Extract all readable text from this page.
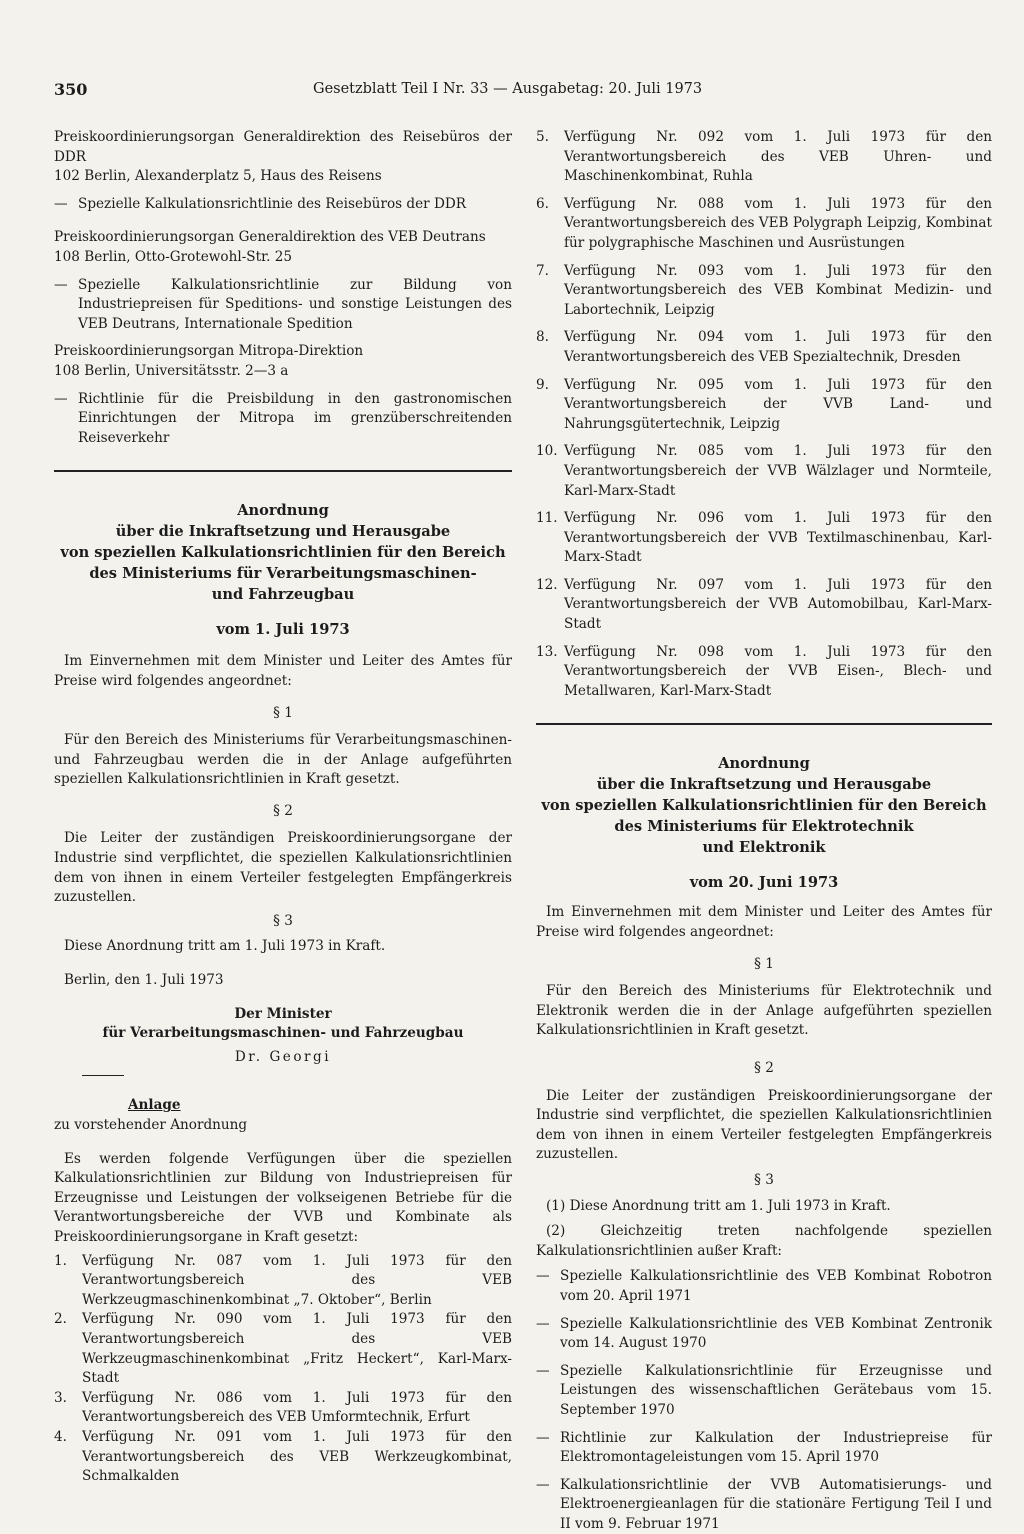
350	Gesetzblatt Teil I Nr. 33 — Ausgabetag: 20. Juli 1973
Preiskoordinierungsorgan Generaldirektion des Reisebüros der DDR
102 Berlin, Alexanderplatz 5, Haus des Reisens
— Spezielle Kalkulationsrichtlinie des Reisebüros der DDR
Preiskoordinierungsorgan Generaldirektion des VEB Deutrans
108 Berlin, Otto-Grotewohl-Str. 25
— Spezielle Kalkulationsrichtlinie zur Bildung von Industriepreisen für Speditions- und sonstige Leistungen des VEB Deutrans, Internationale Spedition
Preiskoordinierungsorgan Mitropa-Direktion
108 Berlin, Universitätsstr. 2—3 a
— Richtlinie für die Preisbildung in den gastronomischen Einrichtungen der Mitropa im grenzüberschreitenden Reiseverkehr
Anordnung
über die Inkraftsetzung und Herausgabe
von speziellen Kalkulationsrichtlinien für den Bereich
des Ministeriums für Verarbeitungsmaschinen-
und Fahrzeugbau
vom 1. Juli 1973
Im Einvernehmen mit dem Minister und Leiter des Amtes für Preise wird folgendes angeordnet:
§ 1
Für den Bereich des Ministeriums für Verarbeitungsmaschinen- und Fahrzeugbau werden die in der Anlage aufgeführten speziellen Kalkulationsrichtlinien in Kraft gesetzt.
§ 2
Die Leiter der zuständigen Preiskoordinierungsorgane der Industrie sind verpflichtet, die speziellen Kalkulationsrichtlinien dem von ihnen in einem Verteiler festgelegten Empfängerkreis zuzustellen.
§ 3
Diese Anordnung tritt am 1. Juli 1973 in Kraft.
Berlin, den 1. Juli 1973
Der Minister
für Verarbeitungsmaschinen- und Fahrzeugbau
Dr. Georgi
Anlage
zu vorstehender Anordnung
Es werden folgende Verfügungen über die speziellen Kalkulationsrichtlinien zur Bildung von Industriepreisen für Erzeugnisse und Leistungen der volkseigenen Betriebe für die Verantwortungsbereiche der VVB und Kombinate als Preiskoordinierungsorgane in Kraft gesetzt:
1.	Verfügung Nr. 087 vom 1. Juli 1973 für den Verantwortungsbereich des VEB Werkzeugmaschinenkombinat „7. Oktober“, Berlin
2.	Verfügung Nr. 090 vom 1. Juli 1973 für den Verantwortungsbereich des VEB Werkzeugmaschinenkombinat „Fritz Heckert“, Karl-Marx-Stadt
3.	Verfügung Nr. 086 vom 1. Juli 1973 für den Verantwortungsbereich des VEB Umformtechnik, Erfurt
4.	Verfügung Nr. 091 vom 1. Juli 1973 für den Verantwortungsbereich des VEB Werkzeugkombinat, Schmalkalden
5.	Verfügung Nr. 092 vom 1. Juli 1973 für den Verantwortungsbereich des VEB Uhren- und Maschinenkombinat, Ruhla
6.	Verfügung Nr. 088 vom 1. Juli 1973 für den Verantwortungsbereich des VEB Polygraph Leipzig, Kombinat für polygraphische Maschinen und Ausrüstungen
7.	Verfügung Nr. 093 vom 1. Juli 1973 für den Verantwortungsbereich des VEB Kombinat Medizin- und Labortechnik, Leipzig
8.	Verfügung Nr. 094 vom 1. Juli 1973 für den Verantwortungsbereich des VEB Spezialtechnik, Dresden
9.	Verfügung Nr. 095 vom 1. Juli 1973 für den Verantwortungsbereich der VVB Land- und Nahrungsgütertechnik, Leipzig
10. Verfügung Nr. 085 vom 1. Juli 1973 für den Verantwortungsbereich der VVB Wälzlager und Normteile, Karl-Marx-Stadt
11. Verfügung Nr. 096 vom 1. Juli 1973 für den Verantwortungsbereich der VVB Textilmaschinenbau, Karl-Marx-Stadt
12. Verfügung Nr. 097 vom 1. Juli 1973 für den Verantwortungsbereich der VVB Automobilbau, Karl-Marx-Stadt
13. Verfügung Nr. 098 vom 1. Juli 1973 für den Verantwortungsbereich der VVB Eisen-, Blech- und Metallwaren, Karl-Marx-Stadt
Anordnung
über die Inkraftsetzung und Herausgabe
von speziellen Kalkulationsrichtlinien für den Bereich
des Ministeriums für Elektrotechnik
und Elektronik
vom 20. Juni 1973
Im Einvernehmen mit dem Minister und Leiter des Amtes für Preise wird folgendes angeordnet:
§ 1
Für den Bereich des Ministeriums für Elektrotechnik und Elektronik werden die in der Anlage aufgeführten speziellen Kalkulationsrichtlinien in Kraft gesetzt.
§ 2
Die Leiter der zuständigen Preiskoordinierungsorgane der Industrie sind verpflichtet, die speziellen Kalkulationsrichtlinien dem von ihnen in einem Verteiler festgelegten Empfängerkreis zuzustellen.
§ 3
(1) Diese Anordnung tritt am 1. Juli 1973 in Kraft.
(2) Gleichzeitig treten nachfolgende speziellen Kalkulationsrichtlinien außer Kraft:
— Spezielle Kalkulationsrichtlinie des VEB Kombinat Robotron vom 20. April 1971
— Spezielle Kalkulationsrichtlinie des VEB Kombinat Zentronik vom 14. August 1970
— Spezielle Kalkulationsrichtlinie für Erzeugnisse und Leistungen des wissenschaftlichen Gerätebaus vom 15. September 1970
— Richtlinie zur Kalkulation der Industriepreise für Elektromontageleistungen vom 15. April 1970
— Kalkulationsrichtlinie der VVB Automatisierungs- und Elektroenergieanlagen für die stationäre Fertigung Teil I und II vom 9. Februar 1971
